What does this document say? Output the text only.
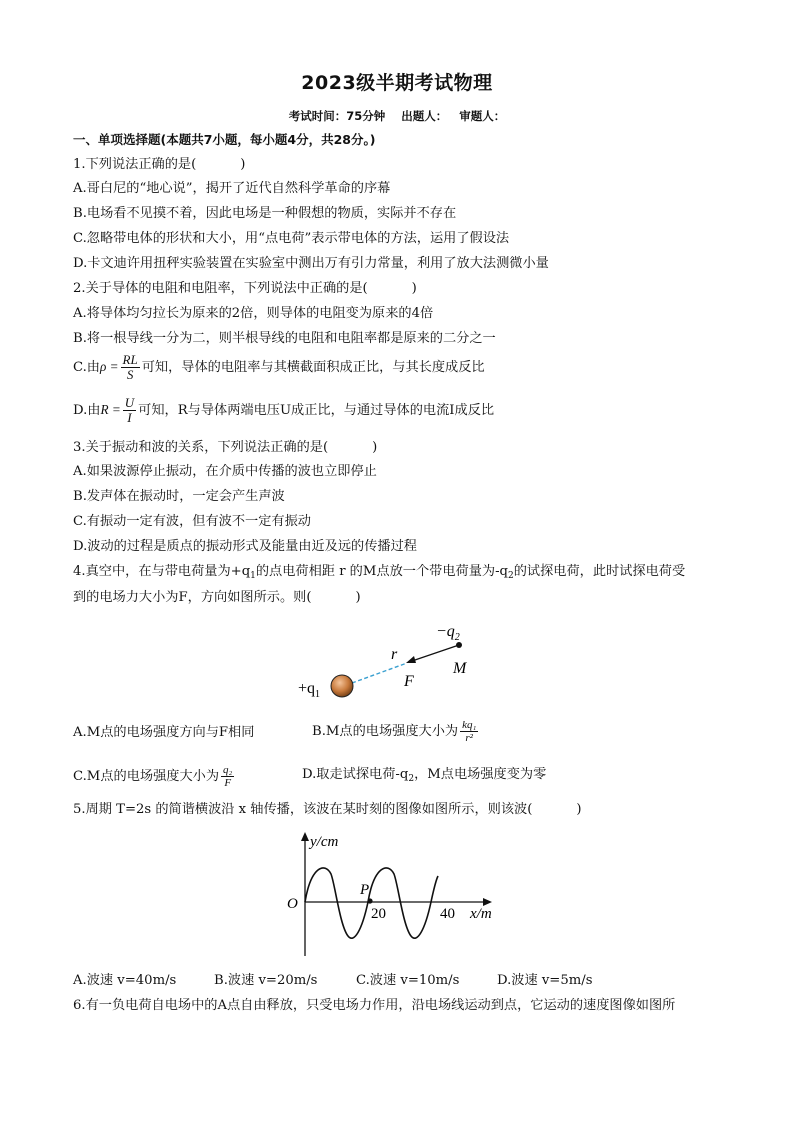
2023级半期考试物理
考试时间：75分钟 出题人： 审题人：
一、单项选择题(本题共7小题，每小题4分，共28分。)
1.下列说法正确的是(	)
A.哥白尼的“地心说”，揭开了近代自然科学革命的序幕
B.电场看不见摸不着，因此电场是一种假想的物质，实际并不存在
C.忽略带电体的形状和大小，用“点电荷”表示带电体的方法，运用了假设法
D.卡文迪许用扭秤实验装置在实验室中测出万有引力常量，利用了放大法测微小量
2.关于导体的电阻和电阻率，下列说法中正确的是(	)
A.将导体均匀拉长为原来的2倍，则导体的电阻变为原来的4倍
B.将一根导线一分为二，则半根导线的电阻和电阻率都是原来的二分之一
C.由$\rho = \frac{RL}{S}$ 可知，导体的电阻率与其横截面积成正比，与其长度成反比
D.由$R = \frac{U}{I}$ 可知，R与导体两端电压U成正比，与通过导体的电流I成反比
3.关于振动和波的关系，下列说法正确的是(	)
A.如果波源停止振动，在介质中传播的波也立即停止
B.发声体在振动时，一定会产生声波
C.有振动一定有波，但有波不一定有振动
D.波动的过程是质点的振动形式及能量由近及远的传播过程
4.真空中，在与带电荷量为$+q_1$的点电荷相距 r 的M点放一个带电荷量为$-q_2$的试探电荷，此时试探电荷受
到的电场力大小为F，方向如图所示。则(	)
$-q_2$
r
M
F
$+q_1$
A.M点的电场强度方向与F相同	B.M点的电场强度大小为 $\frac{\text{kq₁}}{\text{r²}}$
C.M点的电场强度大小为 $\frac{\text{q₂}}{F}$	D.取走试探电荷$-q_2$，M点电场强度变为零
5.周期 T=2s 的简谐横波沿 x 轴传播，该波在某时刻的图像如图所示，则该波(	)
y/cm
O
P
20	40 x/m
A.波速 v=40m/s	B.波速 v=20m/s	C.波速 v=10m/s	D.波速 v=5m/s
6.有一负电荷自电场中的A点自由释放，只受电场力作用，沿电场线运动到点，它运动的速度图像如图所
